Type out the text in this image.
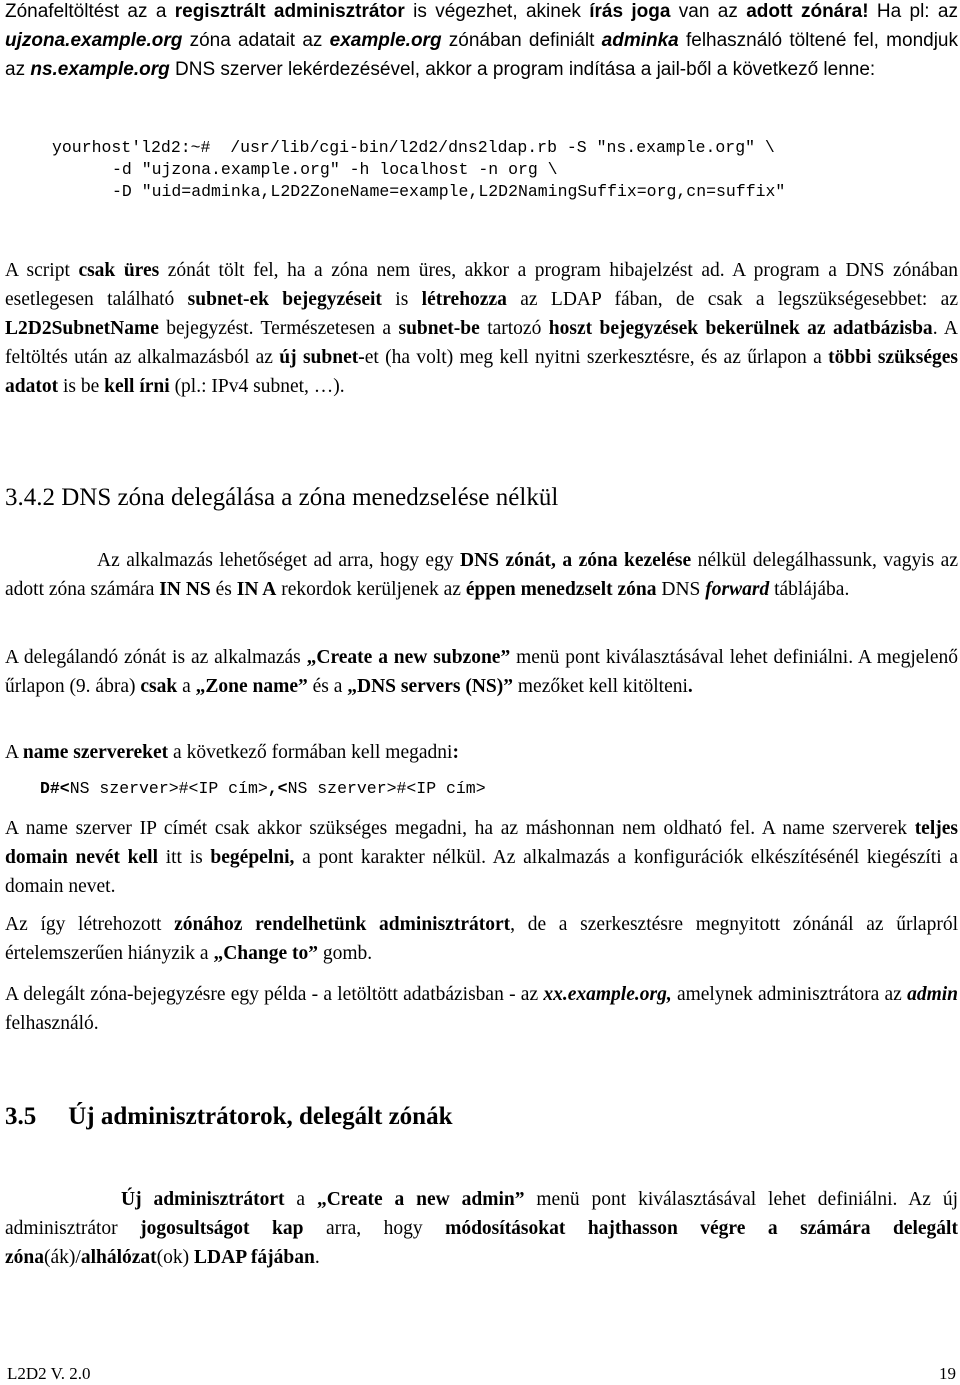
Zónafeltöltést az a regisztrált adminisztrátor is végezhet, akinek írás joga van az adott zónára! Ha pl: az ujzona.example.org zóna adatait az example.org zónában definiált adminka felhasználó töltené fel, mondjuk az ns.example.org DNS szerver lekérdezésével, akkor a program indítása a jail-ből a következő lenne:

yourhost'l2d2:~#  /usr/lib/cgi-bin/l2d2/dns2ldap.rb -S "ns.example.org" \

-d "ujzona.example.org" -h localhost -n org \

-D "uid=adminka,L2D2ZoneName=example,L2D2NamingSuffix=org,cn=suffix"

A script csak üres zónát tölt fel, ha a zóna nem üres, akkor a program hibajelzést ad. A program a DNS zónában esetlegesen található subnet-ek bejegyzéseit is létrehozza az LDAP fában, de csak a legszükségesebbet: az L2D2SubnetName bejegyzést. Természetesen a subnet-be tartozó hoszt bejegyzések bekerülnek az adatbázisba. A feltöltés után az alkalmazásból az új subnet-et (ha volt) meg kell nyitni szerkesztésre, és az űrlapon a többi szükséges adatot is be kell írni (pl.: IPv4 subnet, …).

3.4.2 DNS zóna delegálása a zóna menedzselése nélkül

Az alkalmazás lehetőséget ad arra, hogy egy DNS zónát, a zóna kezelése nélkül delegálhassunk, vagyis az adott zóna számára IN NS és IN A rekordok kerüljenek az éppen menedzselt zóna DNS forward táblájába.

A delegálandó zónát is az alkalmazás „Create a new subzone” menü pont kiválasztásával lehet definiálni. A megjelenő űrlapon (9. ábra) csak a „Zone name” és a „DNS servers (NS)” mezőket kell kitölteni.

A name szervereket a következő formában kell megadni:

D#<NS szerver>#<IP cím>,<NS szerver>#<IP cím>

A name szerver IP címét csak akkor szükséges megadni, ha az máshonnan nem oldható fel. A name szerverek teljes domain nevét kell itt is begépelni, a pont karakter nélkül. Az alkalmazás a konfigurációk elkészítésénél kiegészíti a domain nevet.

Az így létrehozott zónához rendelhetünk adminisztrátort, de a szerkesztésre megnyitott zónánál az űrlapról értelemszerűen hiányzik a „Change to” gomb.

A delegált zóna-bejegyzésre egy példa - a letöltött adatbázisban - az xx.example.org, amelynek adminisztrátora az admin felhasználó.

3.5 Új adminisztrátorok, delegált zónák

Új adminisztrátort a „Create a new admin” menü pont kiválasztásával lehet definiálni. Az új adminisztrátor jogosultságot kap arra, hogy módosításokat hajthasson végre a számára delegált zóna(ák)/alhálózat(ok) LDAP fájában.

L2D2 V. 2.0	19
